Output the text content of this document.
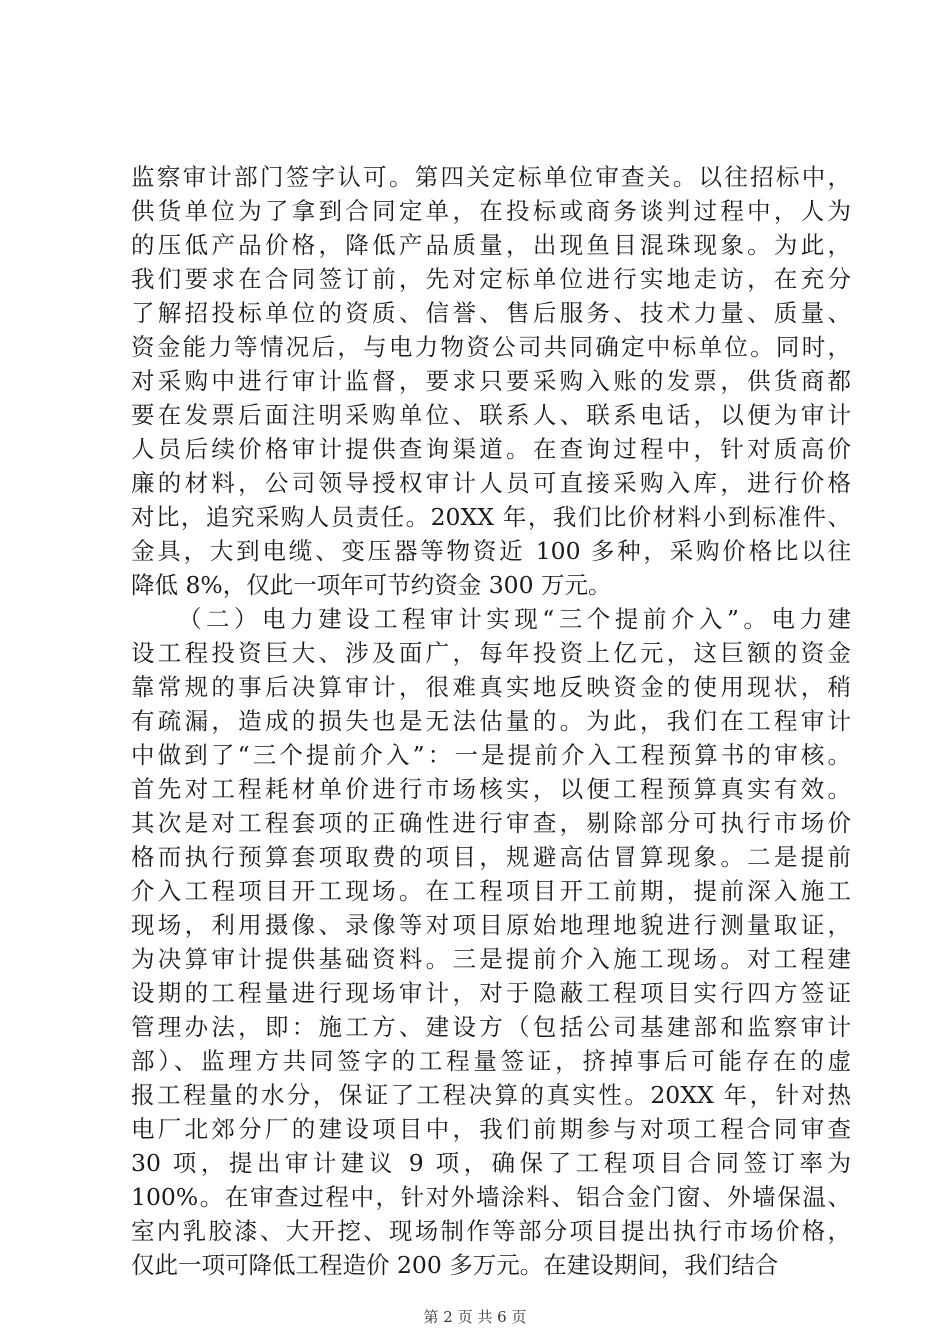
监察审计部门签字认可。第四关定标单位审查关。以往招标中，
供货单位为了拿到合同定单，在投标或商务谈判过程中，人为
的压低产品价格，降低产品质量，出现鱼目混珠现象。为此，
我们要求在合同签订前，先对定标单位进行实地走访，在充分
了解招投标单位的资质、信誉、售后服务、技术力量、质量、
资金能力等情况后，与电力物资公司共同确定中标单位。同时，
对采购中进行审计监督，要求只要采购入账的发票，供货商都
要在发票后面注明采购单位、联系人、联系电话，以便为审计
人员后续价格审计提供查询渠道。在查询过程中，针对质高价
廉的材料，公司领导授权审计人员可直接采购入库，进行价格
对比，追究采购人员责任。20XX 年，我们比价材料小到标准件、
金具，大到电缆、变压器等物资近 100 多种，采购价格比以往
降低 8%，仅此一项年可节约资金 300 万元。
（二）电力建设工程审计实现“三个提前介入”。电力建
设工程投资巨大、涉及面广，每年投资上亿元，这巨额的资金
靠常规的事后决算审计，很难真实地反映资金的使用现状，稍
有疏漏，造成的损失也是无法估量的。为此，我们在工程审计
中做到了“三个提前介入”：一是提前介入工程预算书的审核。
首先对工程耗材单价进行市场核实，以便工程预算真实有效。
其次是对工程套项的正确性进行审查，剔除部分可执行市场价
格而执行预算套项取费的项目，规避高估冒算现象。二是提前
介入工程项目开工现场。在工程项目开工前期，提前深入施工
现场，利用摄像、录像等对项目原始地理地貌进行测量取证，
为决算审计提供基础资料。三是提前介入施工现场。对工程建
设期的工程量进行现场审计，对于隐蔽工程项目实行四方签证
管理办法，即：施工方、建设方（包括公司基建部和监察审计
部）、监理方共同签字的工程量签证，挤掉事后可能存在的虚
报工程量的水分，保证了工程决算的真实性。20XX 年，针对热
电厂北郊分厂的建设项目中，我们前期参与对项工程合同审查
30 项，提出审计建议 9 项，确保了工程项目合同签订率为
100%。在审查过程中，针对外墙涂料、铝合金门窗、外墙保温、
室内乳胶漆、大开挖、现场制作等部分项目提出执行市场价格，
仅此一项可降低工程造价 200 多万元。在建设期间，我们结合
第 2 页 共 6 页
